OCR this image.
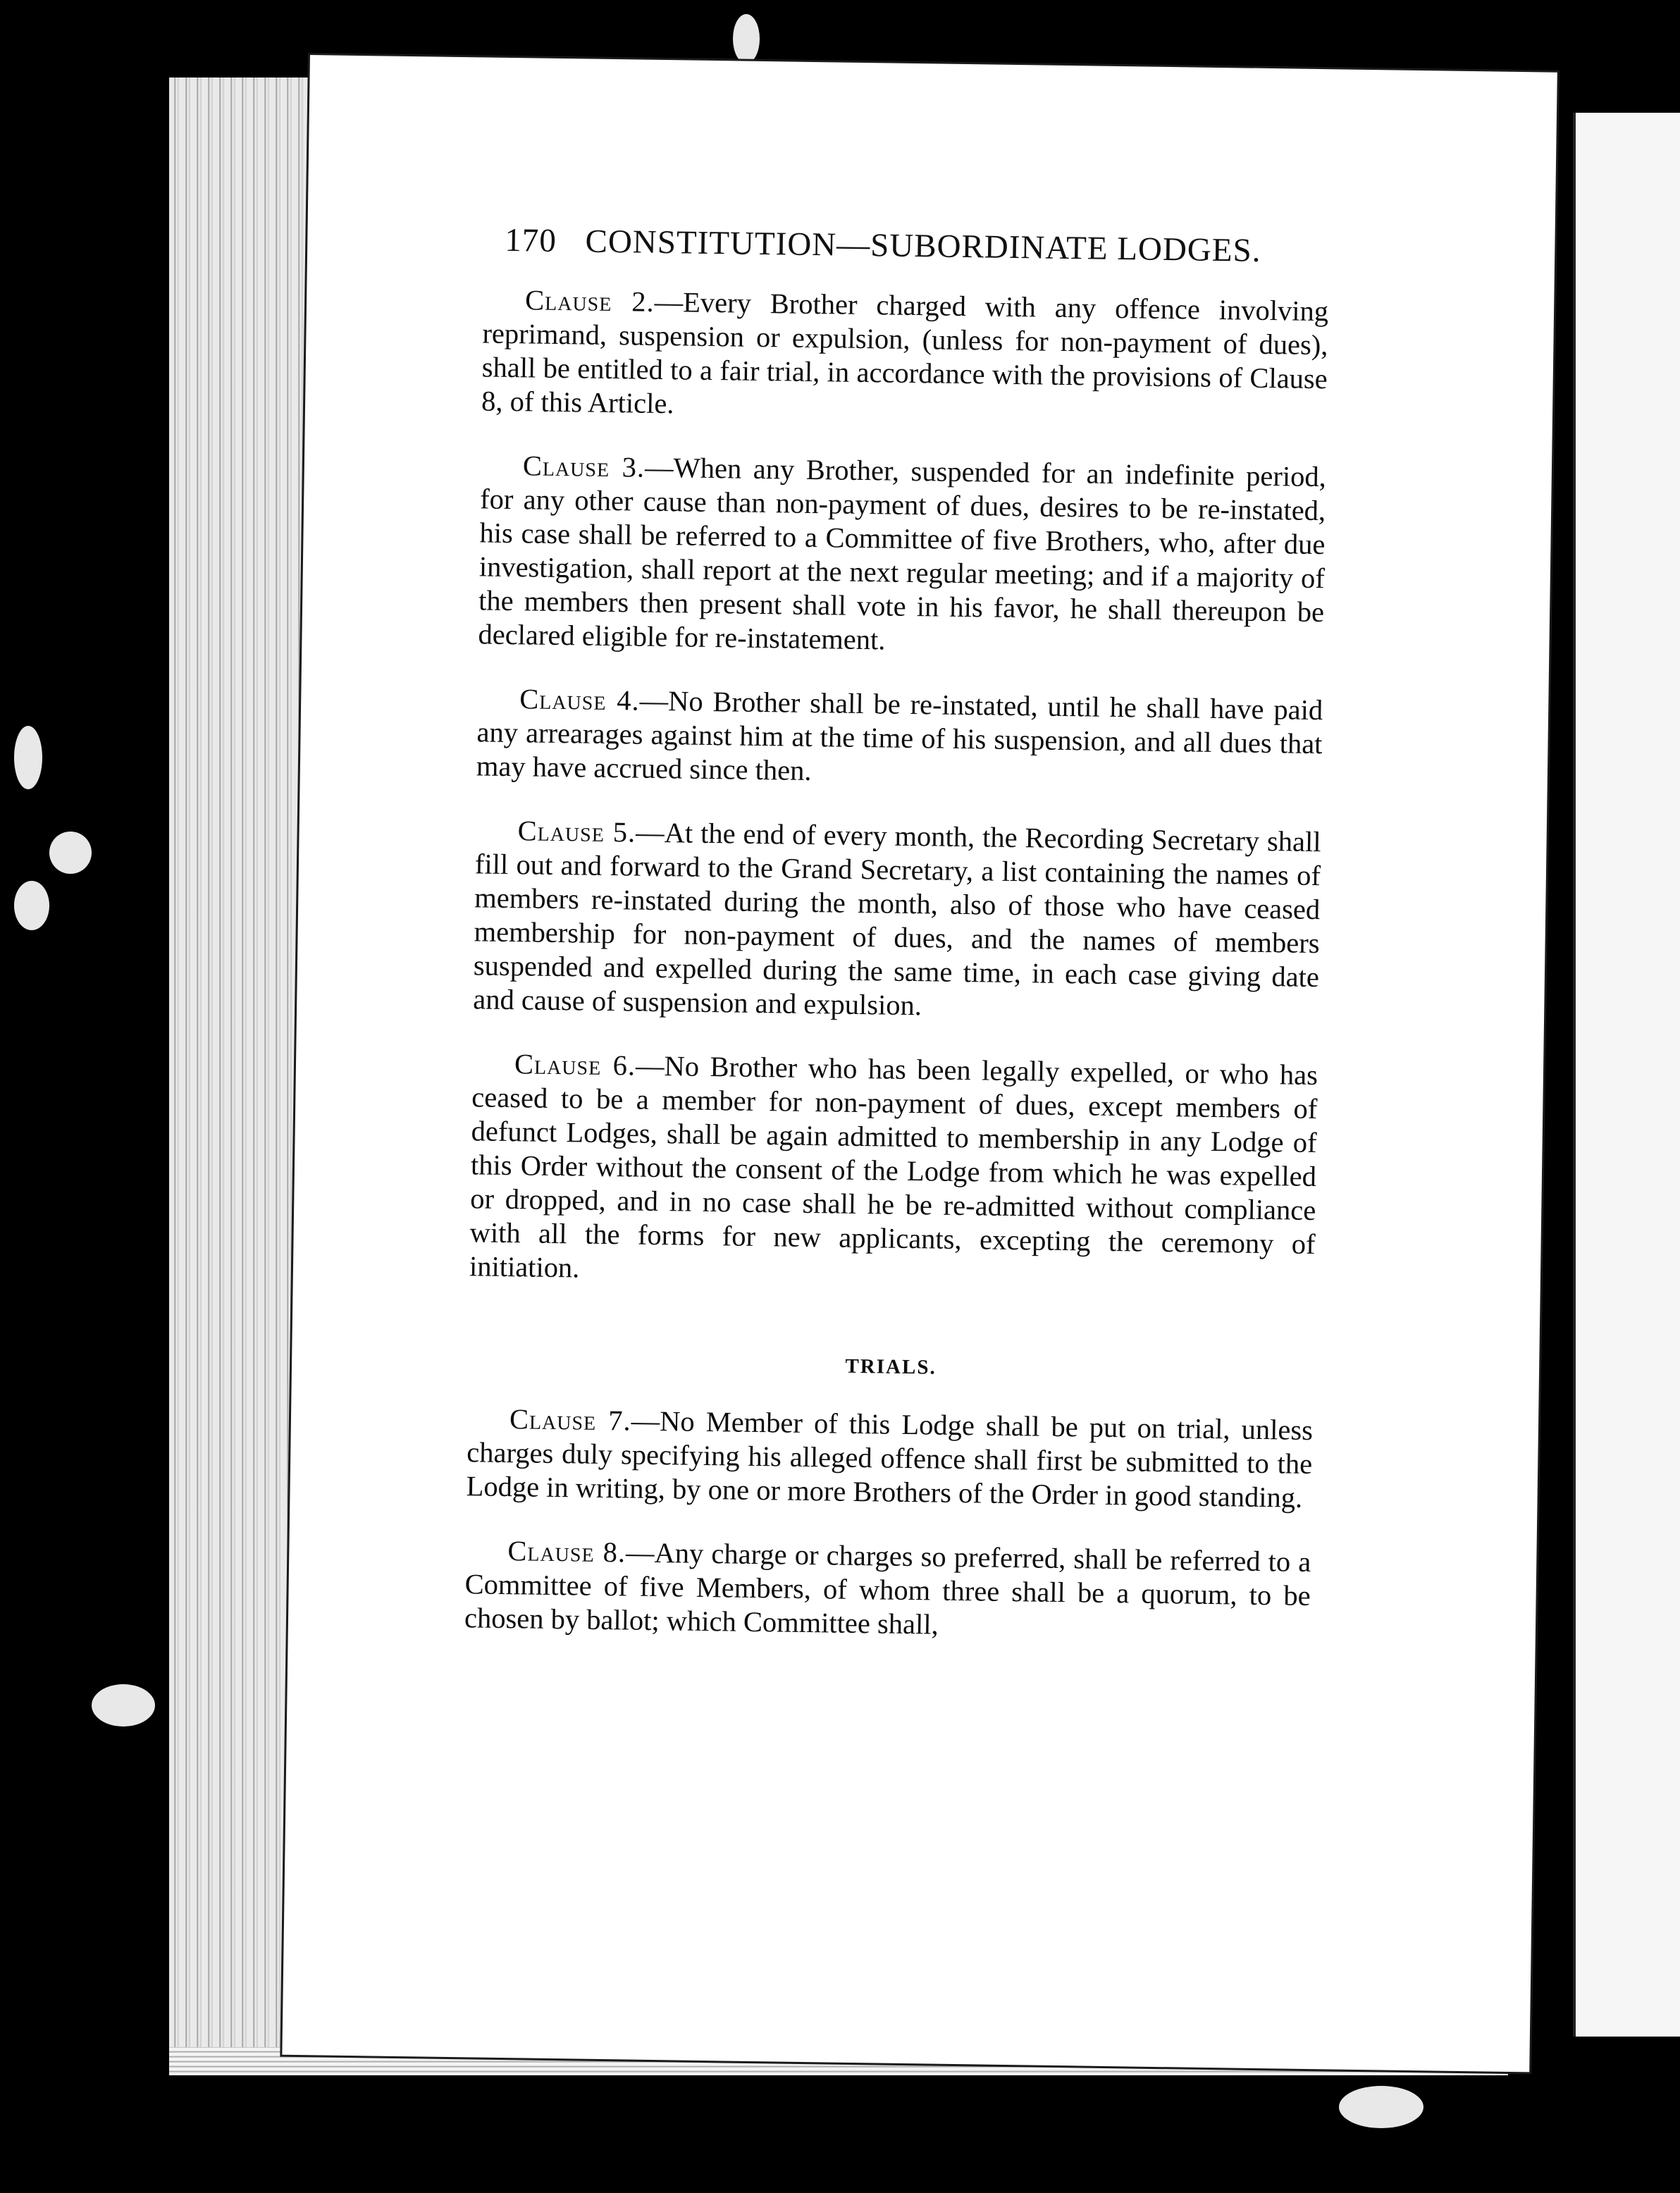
170 CONSTITUTION—SUBORDINATE LODGES.

Clause 2.—Every Brother charged with any offence involving reprimand, suspension or expulsion, (unless for non-payment of dues), shall be entitled to a fair trial, in accordance with the provisions of Clause 8, of this Article.

Clause 3.—When any Brother, suspended for an indefinite period, for any other cause than non-payment of dues, desires to be re-instated, his case shall be referred to a Committee of five Brothers, who, after due investigation, shall report at the next regular meeting; and if a majority of the members then present shall vote in his favor, he shall thereupon be declared eligible for re-instatement.

Clause 4.—No Brother shall be re-instated, until he shall have paid any arrearages against him at the time of his suspension, and all dues that may have accrued since then.

Clause 5.—At the end of every month, the Recording Secretary shall fill out and forward to the Grand Secretary, a list containing the names of members re-instated during the month, also of those who have ceased membership for non-payment of dues, and the names of members suspended and expelled during the same time, in each case giving date and cause of suspension and expulsion.

Clause 6.—No Brother who has been legally expelled, or who has ceased to be a member for non-payment of dues, except members of defunct Lodges, shall be again admitted to membership in any Lodge of this Order without the consent of the Lodge from which he was expelled or dropped, and in no case shall he be re-admitted without compliance with all the forms for new applicants, excepting the ceremony of initiation.

TRIALS.

Clause 7.—No Member of this Lodge shall be put on trial, unless charges duly specifying his alleged offence shall first be submitted to the Lodge in writing, by one or more Brothers of the Order in good standing.

Clause 8.—Any charge or charges so preferred, shall be referred to a Committee of five Members, of whom three shall be a quorum, to be chosen by ballot; which Committee shall,
